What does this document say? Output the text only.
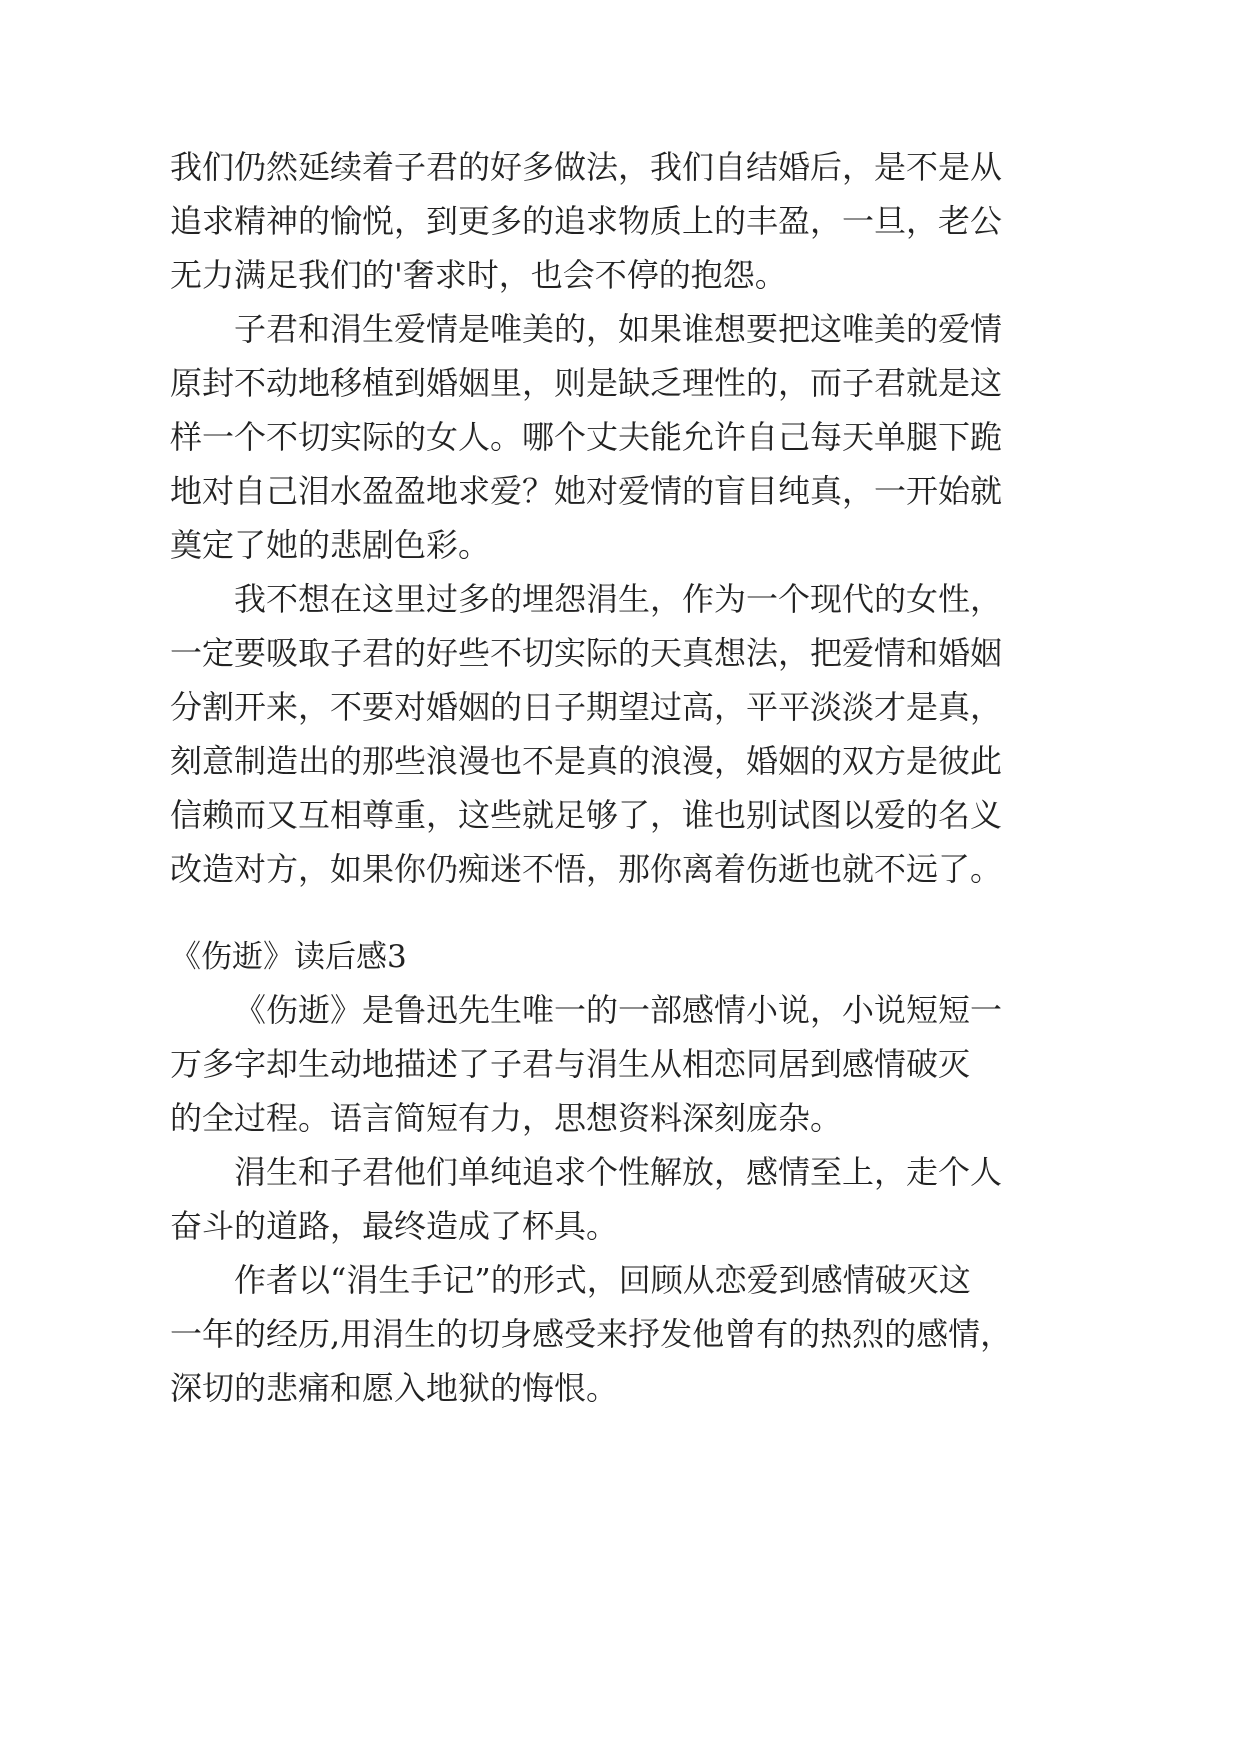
我们仍然延续着子君的好多做法，我们自结婚后，是不是从

追求精神的愉悦，到更多的追求物质上的丰盈，一旦，老公

无力满足我们的'奢求时，也会不停的抱怨。

子君和涓生爱情是唯美的，如果谁想要把这唯美的爱情

原封不动地移植到婚姻里，则是缺乏理性的，而子君就是这

样一个不切实际的女人。哪个丈夫能允许自己每天单腿下跪

地对自己泪水盈盈地求爱？她对爱情的盲目纯真，一开始就

奠定了她的悲剧色彩。

我不想在这里过多的埋怨涓生，作为一个现代的女性，

一定要吸取子君的好些不切实际的天真想法，把爱情和婚姻

分割开来，不要对婚姻的日子期望过高，平平淡淡才是真，

刻意制造出的那些浪漫也不是真的浪漫，婚姻的双方是彼此

信赖而又互相尊重，这些就足够了，谁也别试图以爱的名义

改造对方，如果你仍痴迷不悟，那你离着伤逝也就不远了。

《伤逝》读后感3

《伤逝》是鲁迅先生唯一的一部感情小说，小说短短一

万多字却生动地描述了子君与涓生从相恋同居到感情破灭

的全过程。语言简短有力，思想资料深刻庞杂。

涓生和子君他们单纯追求个性解放，感情至上，走个人

奋斗的道路，最终造成了杯具。

作者以“涓生手记”的形式，回顾从恋爱到感情破灭这

一年的经历,用涓生的切身感受来抒发他曾有的热烈的感情，

深切的悲痛和愿入地狱的悔恨。
